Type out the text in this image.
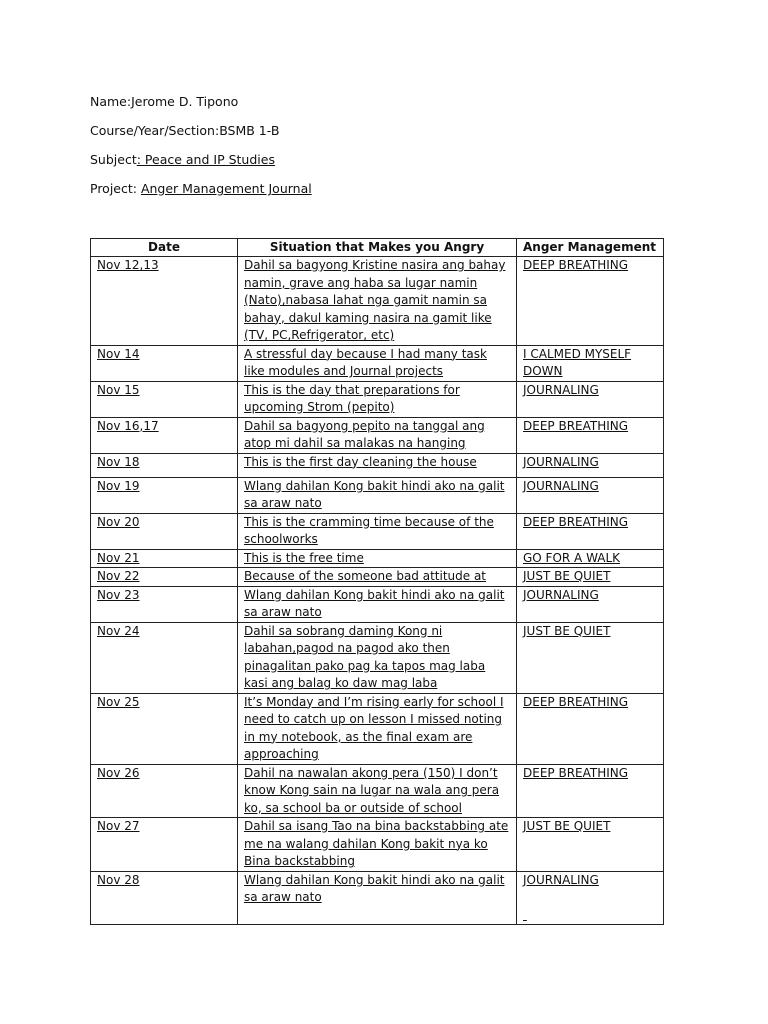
Name:Jerome D. Tipono
Course/Year/Section:BSMB 1-B
Subject: Peace and IP Studies
Project: Anger Management Journal
Date	Situation that Makes you Angry	Anger Management
Nov 12,13	Dahil sa bagyong Kristine nasira ang bahay namin, grave ang haba sa lugar namin (Nato),nabasa lahat nga gamit namin sa bahay, dakul kaming nasira na gamit like (TV, PC,Refrigerator, etc)	DEEP BREATHING
Nov 14	A stressful day because I had many task like modules and Journal projects	I CALMED MYSELF DOWN
Nov 15	This is the day that preparations for upcoming Strom (pepito)	JOURNALING
Nov 16,17	Dahil sa bagyong pepito na tanggal ang atop mi dahil sa malakas na hanging	DEEP BREATHING
Nov 18	This is the first day cleaning the house	JOURNALING
Nov 19	Wlang dahilan Kong bakit hindi ako na galit sa araw nato	JOURNALING
Nov 20	This is the cramming time because of the schoolworks	DEEP BREATHING
Nov 21	This is the free time	GO FOR A WALK
Nov 22	Because of the someone bad attitude at	JUST BE QUIET
Nov 23	Wlang dahilan Kong bakit hindi ako na galit sa araw nato	JOURNALING
Nov 24	Dahil sa sobrang daming Kong ni labahan,pagod na pagod ako then pinagalitan pako pag ka tapos mag laba kasi ang balag ko daw mag laba	JUST BE QUIET
Nov 25	It’s Monday and I’m rising early for school I need to catch up on lesson I missed noting in my notebook, as the final exam are approaching	DEEP BREATHING
Nov 26	Dahil na nawalan akong pera (150) I don’t know Kong sain na lugar na wala ang pera ko, sa school ba or outside of school	DEEP BREATHING
Nov 27	Dahil sa isang Tao na bina backstabbing ate me na walang dahilan Kong bakit nya ko Bina backstabbing	JUST BE QUIET
Nov 28	Wlang dahilan Kong bakit hindi ako na galit sa araw nato	JOURNALING
